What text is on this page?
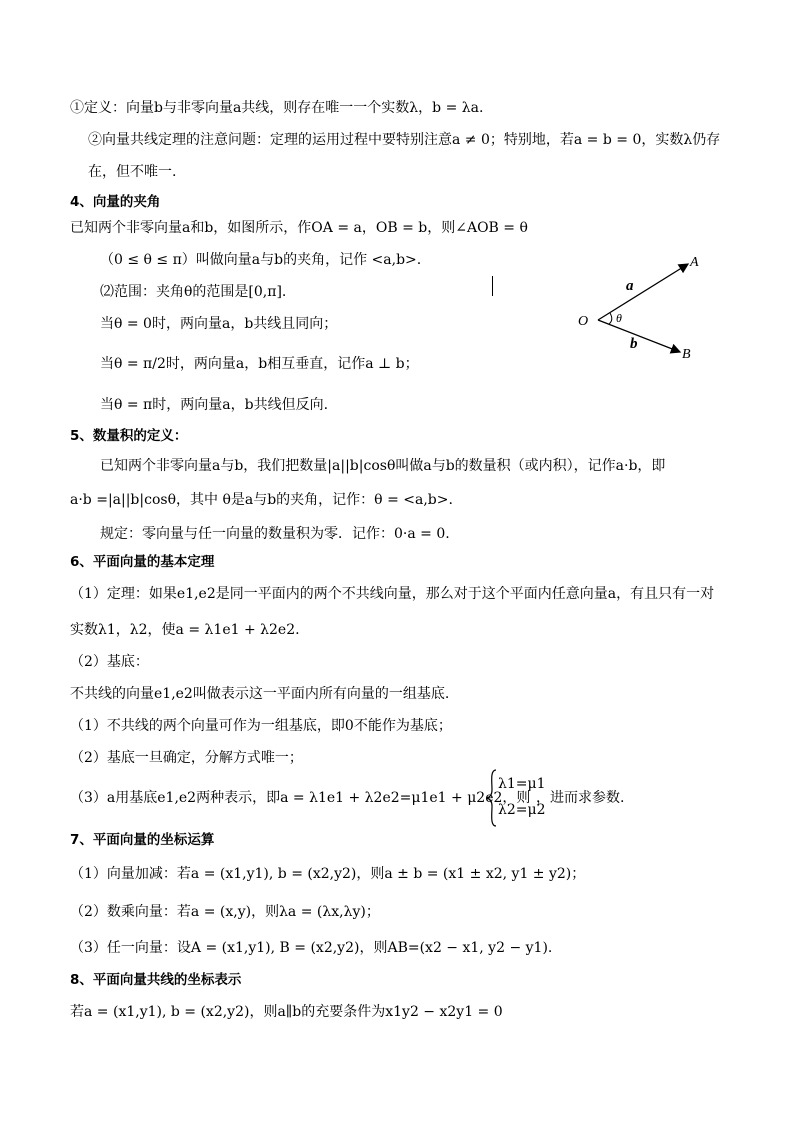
①定义：向量b与非零向量a共线，则存在唯一一个实数λ，b = λa.
②向量共线定理的注意问题：定理的运用过程中要特别注意a ≠ 0；特别地，若a = b = 0，实数λ仍存
在，但不唯一.
4、向量的夹角
已知两个非零向量a和b，如图所示，作OA = a，OB = b，则∠AOB = θ
（0 ≤ θ ≤ π）叫做向量a与b的夹角，记作 <a,b>.
⑵范围：夹角θ的范围是[0,π].
当θ = 0时，两向量a，b共线且同向；
当θ = π/2时，两向量a，b相互垂直，记作a ⊥ b；
当θ = π时，两向量a，b共线但反向.
5、数量积的定义：
已知两个非零向量a与b，我们把数量|a||b|cosθ叫做a与b的数量积（或内积），记作a·b，即
a·b =|a||b|cosθ，其中 θ是a与b的夹角，记作：θ = <a,b>.
规定：零向量与任一向量的数量积为零．记作：0·a = 0.
6、平面向量的基本定理
（1）定理：如果e1,e2是同一平面内的两个不共线向量，那么对于这个平面内任意向量a，有且只有一对
实数λ1，λ2，使a = λ1e1 + λ2e2.
（2）基底：
不共线的向量e1,e2叫做表示这一平面内所有向量的一组基底.
（1）不共线的两个向量可作为一组基底，即0不能作为基底；
（2）基底一旦确定，分解方式唯一；
（3）a用基底e1,e2两种表示，即a = λ1e1 + λ2e2=μ1e1 + μ2e2，则
λ1=μ1
λ2=μ2
，进而求参数.
7、平面向量的坐标运算
（1）向量加减：若a = (x1,y1), b = (x2,y2)，则a ± b = (x1 ± x2, y1 ± y2)；
（2）数乘向量：若a = (x,y)，则λa = (λx,λy)；
（3）任一向量：设A = (x1,y1), B = (x2,y2)，则AB=(x2 − x1, y2 − y1).
8、平面向量共线的坐标表示
若a = (x1,y1), b = (x2,y2)，则a∥b的充要条件为x1y2 − x2y1 = 0
O
A
B
a
b
θ
